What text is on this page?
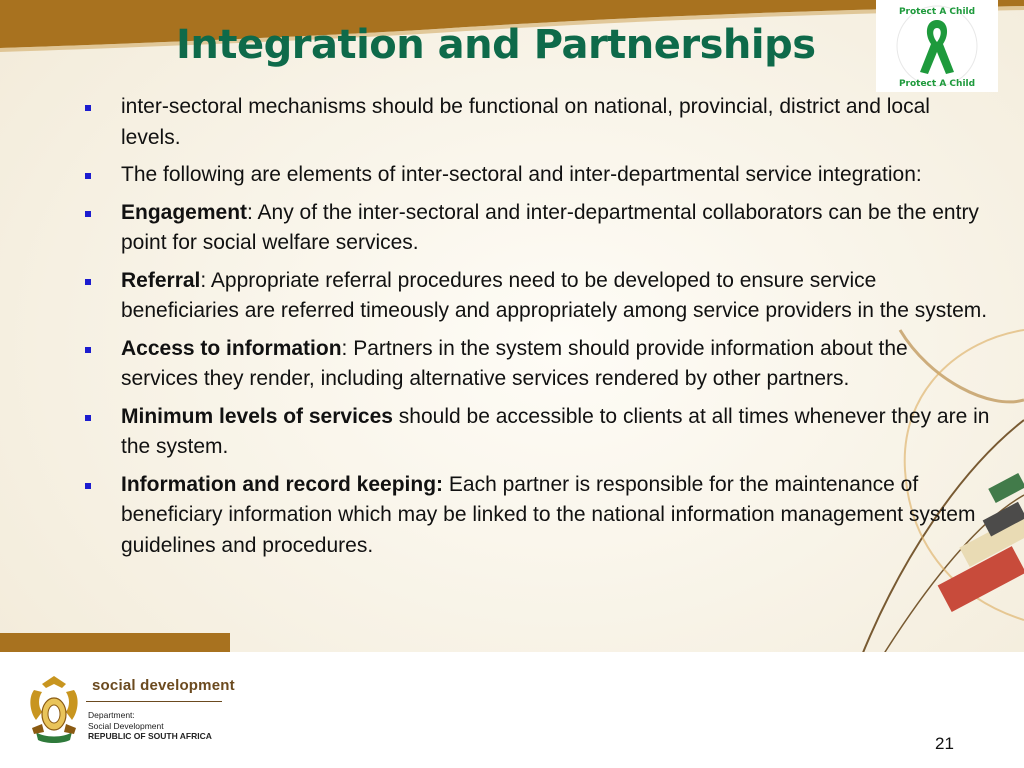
Protect A Child
Protect A Child
Integration and Partnerships
inter-sectoral mechanisms should be functional on national, provincial, district and local levels.
The following are elements of inter-sectoral and inter-departmental service integration:
Engagement: Any of the inter-sectoral and inter-departmental collaborators can be the entry point for social welfare services.
Referral: Appropriate referral procedures need to be developed to ensure service beneficiaries are referred timeously and appropriately among service providers in the system.
Access to information: Partners in the system should provide information about the services they render, including alternative services rendered by other partners.
Minimum levels of services should be accessible to clients at all times whenever they are in the system.
Information and record keeping: Each partner is responsible for the maintenance of beneficiary information which may be linked to the national information management system guidelines and procedures.
social development
Department:
Social Development
REPUBLIC OF SOUTH AFRICA	21
